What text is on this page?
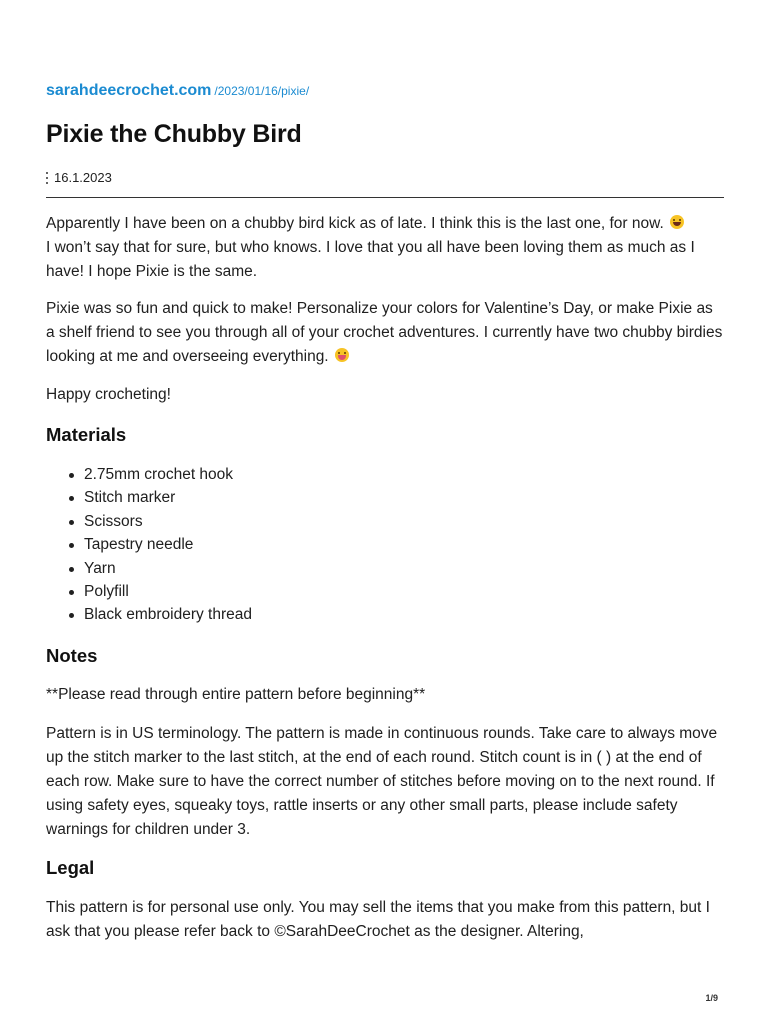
sarahdeecrochet.com /2023/01/16/pixie/
Pixie the Chubby Bird
16.1.2023

Apparently I have been on a chubby bird kick as of late. I think this is the last one, for now.
I won’t say that for sure, but who knows. I love that you all have been loving them as much as I have! I hope Pixie is the same.

Pixie was so fun and quick to make! Personalize your colors for Valentine’s Day, or make Pixie as a shelf friend to see you through all of your crochet adventures. I currently have two chubby birdies looking at me and overseeing everything.

Happy crocheting!

Materials
2.75mm crochet hook
Stitch marker
Scissors
Tapestry needle
Yarn
Polyfill
Black embroidery thread
Notes

**Please read through entire pattern before beginning**

Pattern is in US terminology. The pattern is made in continuous rounds. Take care to always move up the stitch marker to the last stitch, at the end of each round. Stitch count is in ( ) at the end of each row. Make sure to have the correct number of stitches before moving on to the next round. If using safety eyes, squeaky toys, rattle inserts or any other small parts, please include safety warnings for children under 3.

Legal

This pattern is for personal use only. You may sell the items that you make from this pattern, but I ask that you please refer back to ©SarahDeeCrochet as the designer. Altering,

1/9
